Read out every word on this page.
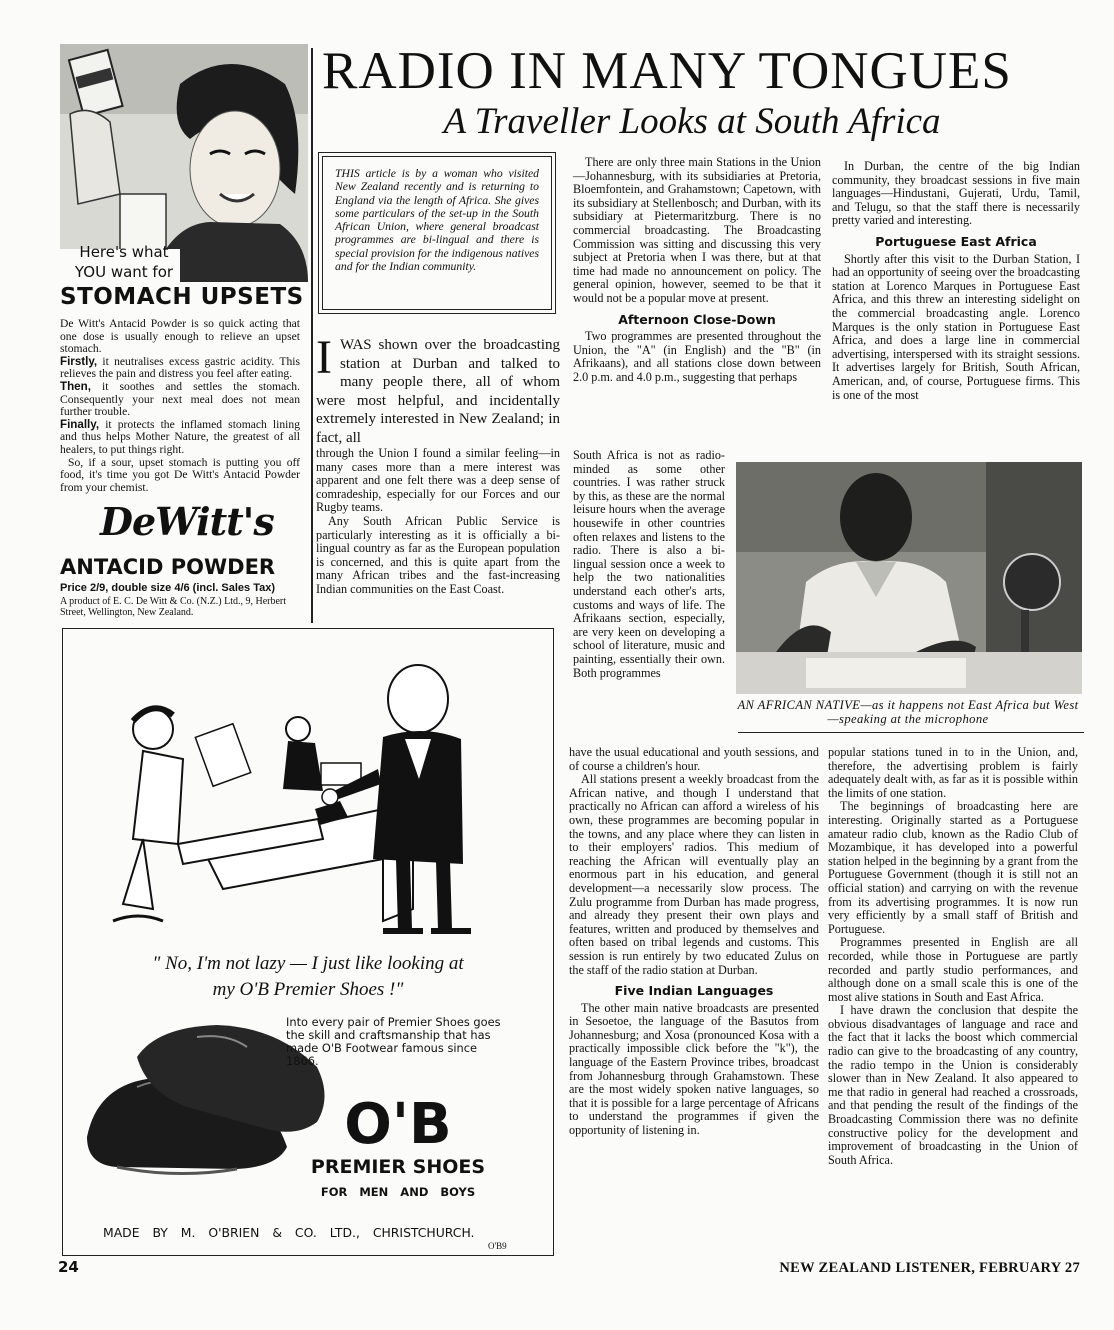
Here's what
YOU want for
STOMACH UPSETS

De Witt's Antacid Powder is so quick acting that one dose is usually enough to relieve an upset stomach.

Firstly, it neutralises excess gastric acidity. This relieves the pain and distress you feel after eating.

Then, it soothes and settles the stomach. Consequently your next meal does not mean further trouble.

Finally, it protects the inflamed stomach lining and thus helps Mother Nature, the greatest of all healers, to put things right.

So, if a sour, upset stomach is putting you off food, it's time you got De Witt's Antacid Powder from your chemist.

DeWitt's
ANTACID POWDER
Price 2/9, double size 4/6 (incl. Sales Tax)
A product of E. C. De Witt & Co. (N.Z.) Ltd., 9, Herbert Street, Wellington, New Zealand.
RADIO IN MANY TONGUES
A Traveller Looks at South Africa
THIS article is by a woman who visited New Zealand recently and is returning to England via the length of Africa. She gives some particulars of the set-up in the South African Union, where general broadcast programmes are bi-lingual and there is special provision for the indigenous natives and for the Indian community.
I WAS shown over the broadcasting station at Durban and talked to many people there, all of whom were most helpful, and incidentally extremely interested in New Zealand; in fact, all

through the Union I found a similar feeling—in many cases more than a mere interest was apparent and one felt there was a deep sense of comradeship, especially for our Forces and our Rugby teams.

Any South African Public Service is particularly interesting as it is officially a bi-lingual country as far as the European population is concerned, and this is quite apart from the many African tribes and the fast-increasing Indian communities on the East Coast.

There are only three main Stations in the Union—Johannesburg, with its subsidiaries at Pretoria, Bloemfontein, and Grahamstown; Capetown, with its subsidiary at Stellenbosch; and Durban, with its subsidiary at Pietermaritzburg. There is no commercial broadcasting. The Broadcasting Commission was sitting and discussing this very subject at Pretoria when I was there, but at that time had made no announcement on policy. The general opinion, however, seemed to be that it would not be a popular move at present.

Afternoon Close-Down

Two programmes are presented throughout the Union, the "A" (in English) and the "B" (in Afrikaans), and all stations close down between 2.0 p.m. and 4.0 p.m., suggesting that perhaps

South Africa is not as radio-minded as some other countries. I was rather struck by this, as these are the normal leisure hours when the average housewife in other countries often relaxes and listens to the radio. There is also a bi-lingual session once a week to help the two nationalities understand each other's arts, customs and ways of life. The Afrikaans section, especially, are very keen on developing a school of literature, music and painting, essentially their own. Both programmes

In Durban, the centre of the big Indian community, they broadcast sessions in five main languages—Hindustani, Gujerati, Urdu, Tamil, and Telugu, so that the staff there is necessarily pretty varied and interesting.

Portuguese East Africa

Shortly after this visit to the Durban Station, I had an opportunity of seeing over the broadcasting station at Lorenco Marques in Portuguese East Africa, and this threw an interesting sidelight on the commercial broadcasting angle. Lorenco Marques is the only station in Portuguese East Africa, and does a large line in commercial advertising, interspersed with its straight sessions. It advertises largely for British, South African, American, and, of course, Portuguese firms. This is one of the most

AN AFRICAN NATIVE—as it happens not East Africa but West—speaking at the microphone

have the usual educational and youth sessions, and of course a children's hour.

All stations present a weekly broadcast from the African native, and though I understand that practically no African can afford a wireless of his own, these programmes are becoming popular in the towns, and any place where they can listen in to their employers' radios. This medium of reaching the African will eventually play an enormous part in his education, and general development—a necessarily slow process. The Zulu programme from Durban has made progress, and already they present their own plays and features, written and produced by themselves and often based on tribal legends and customs. This session is run entirely by two educated Zulus on the staff of the radio station at Durban.

Five Indian Languages

The other main native broadcasts are presented in Sesoetoe, the language of the Basutos from Johannesburg; and Xosa (pronounced Kosa with a practically impossible click before the "k"), the language of the Eastern Province tribes, broadcast from Johannesburg through Grahamstown. These are the most widely spoken native languages, so that it is possible for a large percentage of Africans to understand the programmes if given the opportunity of listening in.

popular stations tuned in to in the Union, and, therefore, the advertising problem is fairly adequately dealt with, as far as it is possible within the limits of one station.

The beginnings of broadcasting here are interesting. Originally started as a Portuguese amateur radio club, known as the Radio Club of Mozambique, it has developed into a powerful station helped in the beginning by a grant from the Portuguese Government (though it is still not an official station) and carrying on with the revenue from its advertising programmes. It is now run very efficiently by a small staff of British and Portuguese.

Programmes presented in English are all recorded, while those in Portuguese are partly recorded and partly studio performances, and although done on a small scale this is one of the most alive stations in South and East Africa.

I have drawn the conclusion that despite the obvious disadvantages of language and race and the fact that it lacks the boost which commercial radio can give to the broadcasting of any country, the radio tempo in the Union is considerably slower than in New Zealand. It also appeared to me that radio in general had reached a crossroads, and that pending the result of the findings of the Broadcasting Commission there was no definite constructive policy for the development and improvement of broadcasting in the Union of South Africa.

" No, I'm not lazy — I just like looking at
my O'B Premier Shoes !"
Into every pair of Premier Shoes goes the skill and craftsmanship that has made O'B Footwear famous since 1866.
O'B
PREMIER SHOES
FOR MEN AND BOYS
MADE BY M. O'BRIEN & CO. LTD., CHRISTCHURCH.
O'B9
24	NEW ZEALAND LISTENER, FEBRUARY 27
